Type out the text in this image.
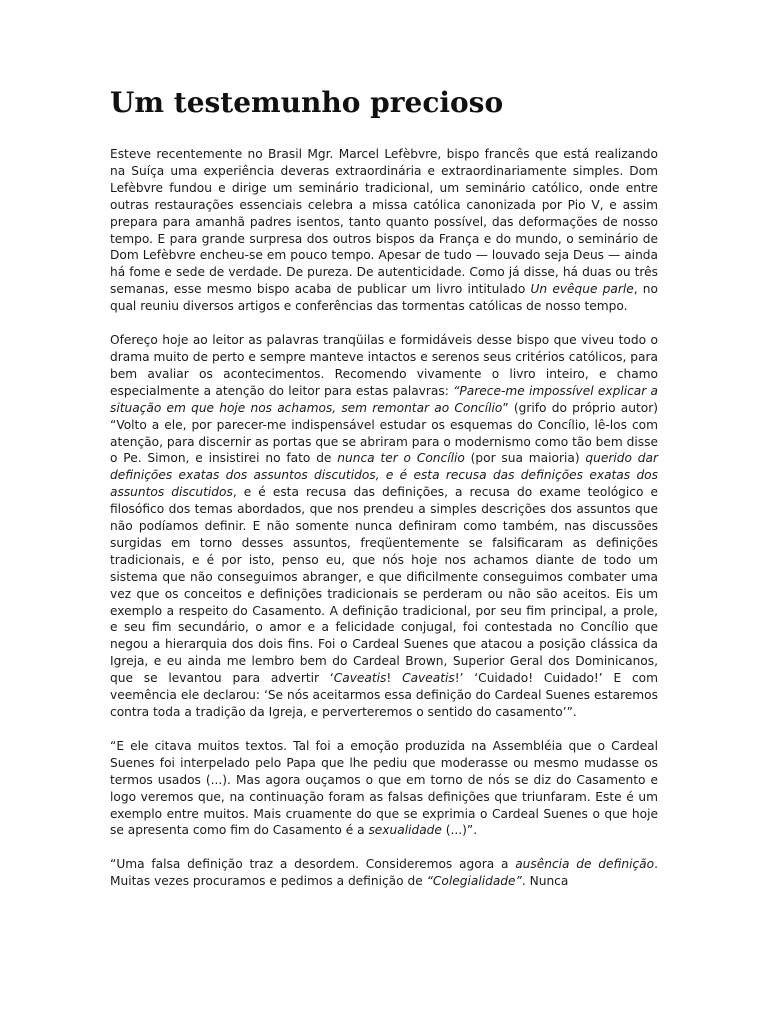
Um testemunho precioso

Esteve recentemente no Brasil Mgr. Marcel Lefèbvre, bispo francês que está realizando na Suíça uma experiência deveras extraordinária e extraordinariamente simples. Dom Lefèbvre fundou e dirige um seminário tradicional, um seminário católico, onde entre outras restaurações essenciais celebra a missa católica canonizada por Pio V, e assim prepara para amanhã padres isentos, tanto quanto possível, das deformações de nosso tempo. E para grande surpresa dos outros bispos da França e do mundo, o seminário de Dom Lefèbvre encheu-se em pouco tempo. Apesar de tudo — louvado seja Deus — ainda há fome e sede de verdade. De pureza. De autenticidade. Como já disse, há duas ou três semanas, esse mesmo bispo acaba de publicar um livro intitulado Un evêque parle, no qual reuniu diversos artigos e conferências das tormentas católicas de nosso tempo.

Ofereço hoje ao leitor as palavras tranqüilas e formidáveis desse bispo que viveu todo o drama muito de perto e sempre manteve intactos e serenos seus critérios católicos, para bem avaliar os acontecimentos. Recomendo vivamente o livro inteiro, e chamo especialmente a atenção do leitor para estas palavras: “Parece-me impossível explicar a situação em que hoje nos achamos, sem remontar ao Concílio” (grifo do próprio autor) “Volto a ele, por parecer-me indispensável estudar os esquemas do Concílio, lê-los com atenção, para discernir as portas que se abriram para o modernismo como tão bem disse o Pe. Simon, e insistirei no fato de nunca ter o Concílio (por sua maioria) querido dar definições exatas dos assuntos discutidos, e é esta recusa das definições exatas dos assuntos discutidos, e é esta recusa das definições, a recusa do exame teológico e filosófico dos temas abordados, que nos prendeu a simples descrições dos assuntos que não podíamos definir. E não somente nunca definiram como também, nas discussões surgidas em torno desses assuntos, freqüentemente se falsificaram as definições tradicionais, e é por isto, penso eu, que nós hoje nos achamos diante de todo um sistema que não conseguimos abranger, e que dificilmente conseguimos combater uma vez que os conceitos e definições tradicionais se perderam ou não são aceitos. Eis um exemplo a respeito do Casamento. A definição tradicional, por seu fim principal, a prole, e seu fim secundário, o amor e a felicidade conjugal, foi contestada no Concílio que negou a hierarquia dos dois fins. Foi o Cardeal Suenes que atacou a posição clássica da Igreja, e eu ainda me lembro bem do Cardeal Brown, Superior Geral dos Dominicanos, que se levantou para advertir ‘Caveatis! Caveatis!’ ‘Cuidado! Cuidado!’ E com veemência ele declarou: ‘Se nós aceitarmos essa definição do Cardeal Suenes estaremos contra toda a tradição da Igreja, e perverteremos o sentido do casamento’”.

“E ele citava muitos textos. Tal foi a emoção produzida na Assembléia que o Cardeal Suenes foi interpelado pelo Papa que lhe pediu que moderasse ou mesmo mudasse os termos usados (...). Mas agora ouçamos o que em torno de nós se diz do Casamento e logo veremos que, na continuação foram as falsas definições que triunfaram. Este é um exemplo entre muitos. Mais cruamente do que se exprimia o Cardeal Suenes o que hoje se apresenta como fim do Casamento é a sexualidade (...)”.

“Uma falsa definição traz a desordem. Consideremos agora a ausência de definição. Muitas vezes procuramos e pedimos a definição de “Colegialidade”. Nunca
